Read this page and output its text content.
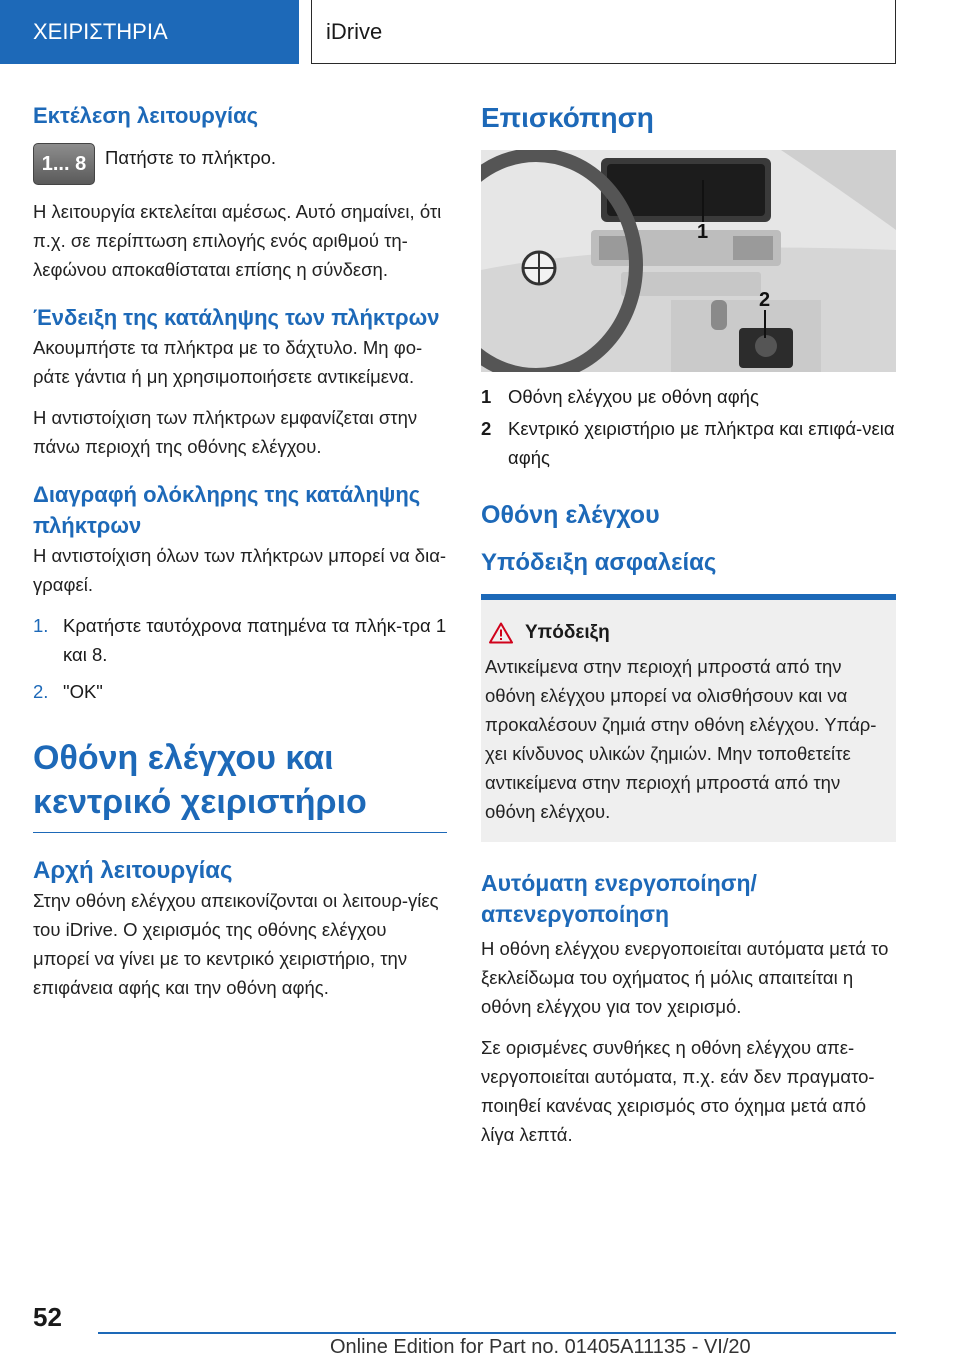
ΧΕΙΡΙΣΤΗΡΙΑ	iDrive
Εκτέλεση λειτουργίας
1... 8	Πατήστε το πλήκτρο.

Η λειτουργία εκτελείται αμέσως. Αυτό σημαίνει, ότι π.χ. σε περίπτωση επιλογής ενός αριθμού τη-λεφώνου αποκαθίσταται επίσης η σύνδεση.

Ένδειξη της κατάληψης των πλήκτρων

Ακουμπήστε τα πλήκτρα με το δάχτυλο. Μη φο-ράτε γάντια ή μη χρησιμοποιήσετε αντικείμενα.

Η αντιστοίχιση των πλήκτρων εμφανίζεται στην πάνω περιοχή της οθόνης ελέγχου.

Διαγραφή ολόκληρης της κατάληψης πλήκτρων

Η αντιστοίχιση όλων των πλήκτρων μπορεί να δια-γραφεί.

1. Κρατήστε ταυτόχρονα πατημένα τα πλήκ-τρα 1 και 8.
2. "OK"
Οθόνη ελέγχου και κεντρικό χειριστήριο
Αρχή λειτουργίας

Στην οθόνη ελέγχου απεικονίζονται οι λειτουρ-γίες του iDrive. Ο χειρισμός της οθόνης ελέγχου μπορεί να γίνει με το κεντρικό χειριστήριο, την επιφάνεια αφής και την οθόνη αφής.

Επισκόπηση
1
2
1 Οθόνη ελέγχου με οθόνη αφής
2 Κεντρικό χειριστήριο με πλήκτρα και επιφά-νεια αφής
Οθόνη ελέγχου
Υπόδειξη ασφαλείας
Υπόδειξη

Αντικείμενα στην περιοχή μπροστά από την οθόνη ελέγχου μπορεί να ολισθήσουν και να προκαλέσουν ζημιά στην οθόνη ελέγχου. Υπάρ-χει κίνδυνος υλικών ζημιών. Μην τοποθετείτε αντικείμενα στην περιοχή μπροστά από την οθόνη ελέγχου.

Αυτόματη ενεργοποίηση/ απενεργοποίηση

Η οθόνη ελέγχου ενεργοποιείται αυτόματα μετά το ξεκλείδωμα του οχήματος ή μόλις απαιτείται η οθόνη ελέγχου για τον χειρισμό.

Σε ορισμένες συνθήκες η οθόνη ελέγχου απε-νεργοποιείται αυτόματα, π.χ. εάν δεν πραγματο-ποιηθεί κανένας χειρισμός στο όχημα μετά από λίγα λεπτά.

52
Online Edition for Part no. 01405A11135 - VI/20
